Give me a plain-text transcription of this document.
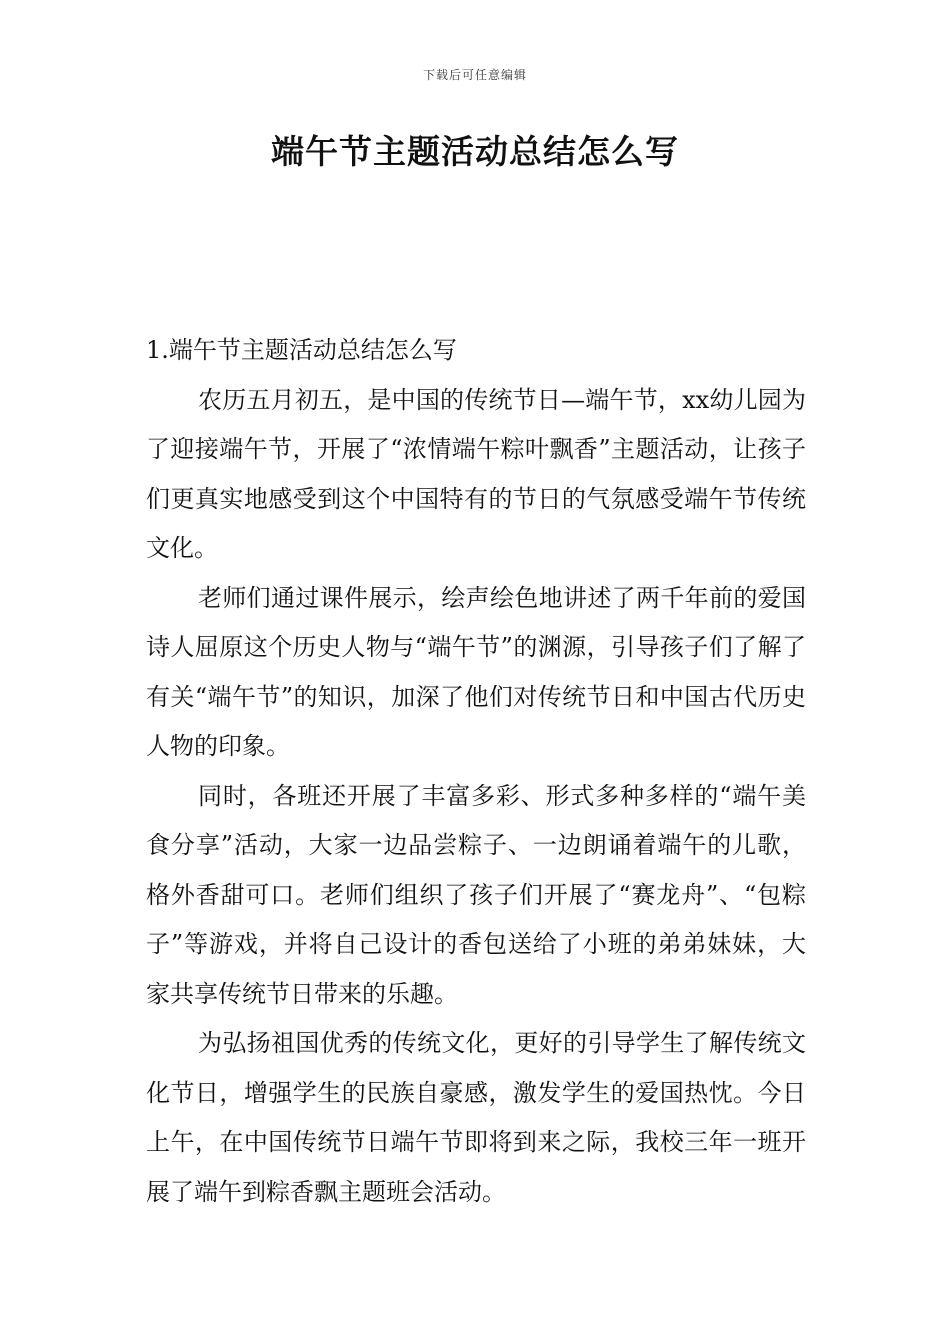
下载后可任意编辑
端午节主题活动总结怎么写

1.端午节主题活动总结怎么写

农历五月初五，是中国的传统节日—端午节，xx幼儿园为了迎接端午节，开展了“浓情端午粽叶飘香”主题活动，让孩子们更真实地感受到这个中国特有的节日的气氛感受端午节传统文化。

老师们通过课件展示，绘声绘色地讲述了两千年前的爱国诗人屈原这个历史人物与“端午节”的渊源，引导孩子们了解了有关“端午节”的知识，加深了他们对传统节日和中国古代历史人物的印象。

同时，各班还开展了丰富多彩、形式多种多样的“端午美食分享”活动，大家一边品尝粽子、一边朗诵着端午的儿歌，格外香甜可口。老师们组织了孩子们开展了“赛龙舟”、“包粽子”等游戏，并将自己设计的香包送给了小班的弟弟妹妹，大家共享传统节日带来的乐趣。

为弘扬祖国优秀的传统文化，更好的引导学生了解传统文化节日，增强学生的民族自豪感，激发学生的爱国热忱。今日上午，在中国传统节日端午节即将到来之际，我校三年一班开展了端午到粽香飘主题班会活动。
